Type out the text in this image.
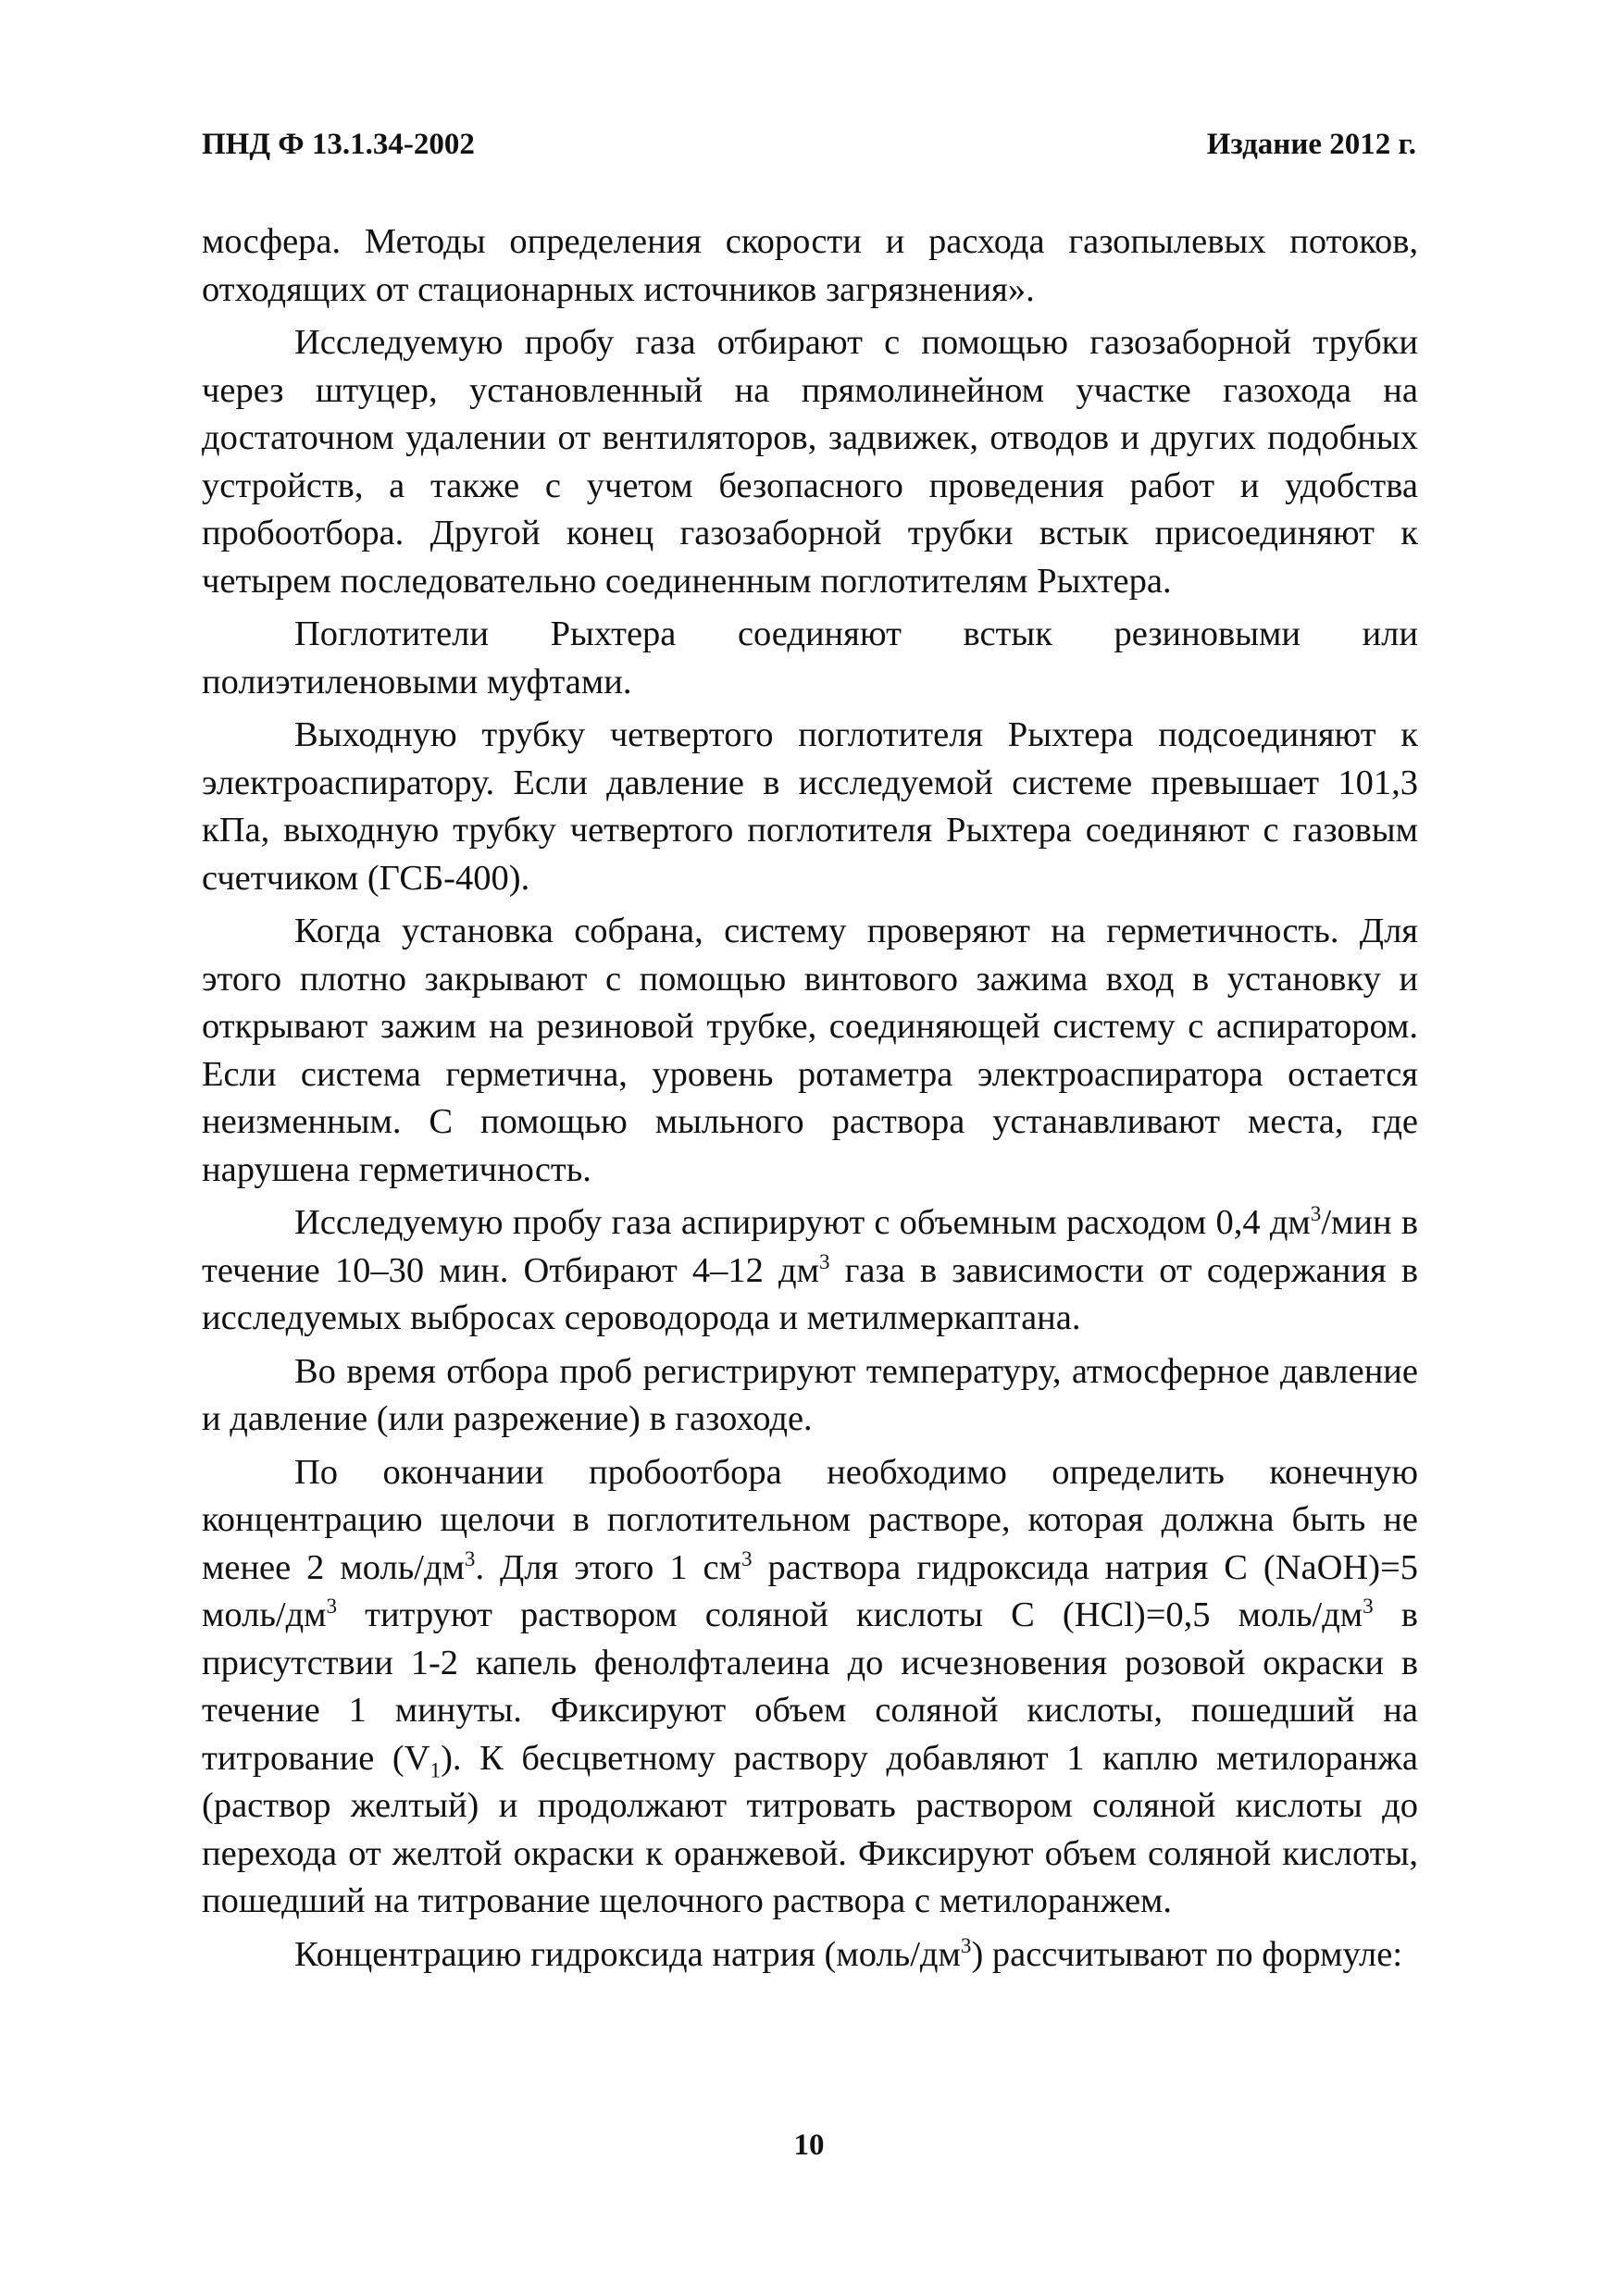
ПНД Ф 13.1.34-2002	Издание 2012 г.

мосфера. Методы определения скорости и расхода газопылевых потоков, отходящих от стационарных источников загрязнения».

Исследуемую пробу газа отбирают с помощью газозаборной трубки через штуцер, установленный на прямолинейном участке газохода на достаточном удалении от вентиляторов, задвижек, отводов и других подобных устройств, а также с учетом безопасного проведения работ и удобства пробоотбора. Другой конец газозаборной трубки встык присоединяют к четырем последовательно соединенным поглотителям Рыхтера.

Поглотители Рыхтера соединяют встык резиновыми или полиэтиленовыми муфтами.

Выходную трубку четвертого поглотителя Рыхтера подсоединяют к электроаспиратору. Если давление в исследуемой системе превышает 101,3 кПа, выходную трубку четвертого поглотителя Рыхтера соединяют с газовым счетчиком (ГСБ-400).

Когда установка собрана, систему проверяют на герметичность. Для этого плотно закрывают с помощью винтового зажима вход в установку и открывают зажим на резиновой трубке, соединяющей систему с аспиратором. Если система герметична, уровень ротаметра электроаспиратора остается неизменным. С помощью мыльного раствора устанавливают места, где нарушена герметичность.

Исследуемую пробу газа аспирируют с объемным расходом 0,4 $дм^3$/мин в течение 10–30 мин. Отбирают 4–12 $дм^3$ газа в зависимости от содержания в исследуемых выбросах сероводорода и метилмеркаптана.

Во время отбора проб регистрируют температуру, атмосферное давление и давление (или разрежение) в газоходе.

По окончании пробоотбора необходимо определить конечную концентрацию щелочи в поглотительном растворе, которая должна быть не менее 2 моль/$дм^3$. Для этого 1 $см^3$ раствора гидроксида натрия С (NaOH)=5 моль/$дм^3$ титруют раствором соляной кислоты С (HCl)=0,5 моль/$дм^3$ в присутствии 1-2 капель фенолфталеина до исчезновения розовой окраски в течение 1 минуты. Фиксируют объем соляной кислоты, пошедший на титрование $(V_1)$. К бесцветному раствору добавляют 1 каплю метилоранжа (раствор желтый) и продолжают титровать раствором соляной кислоты до перехода от желтой окраски к оранжевой. Фиксируют объем соляной кислоты, пошедший на титрование щелочного раствора с метилоранжем.

Концентрацию гидроксида натрия $(моль/дм^3)$ рассчитывают по формуле:

10
